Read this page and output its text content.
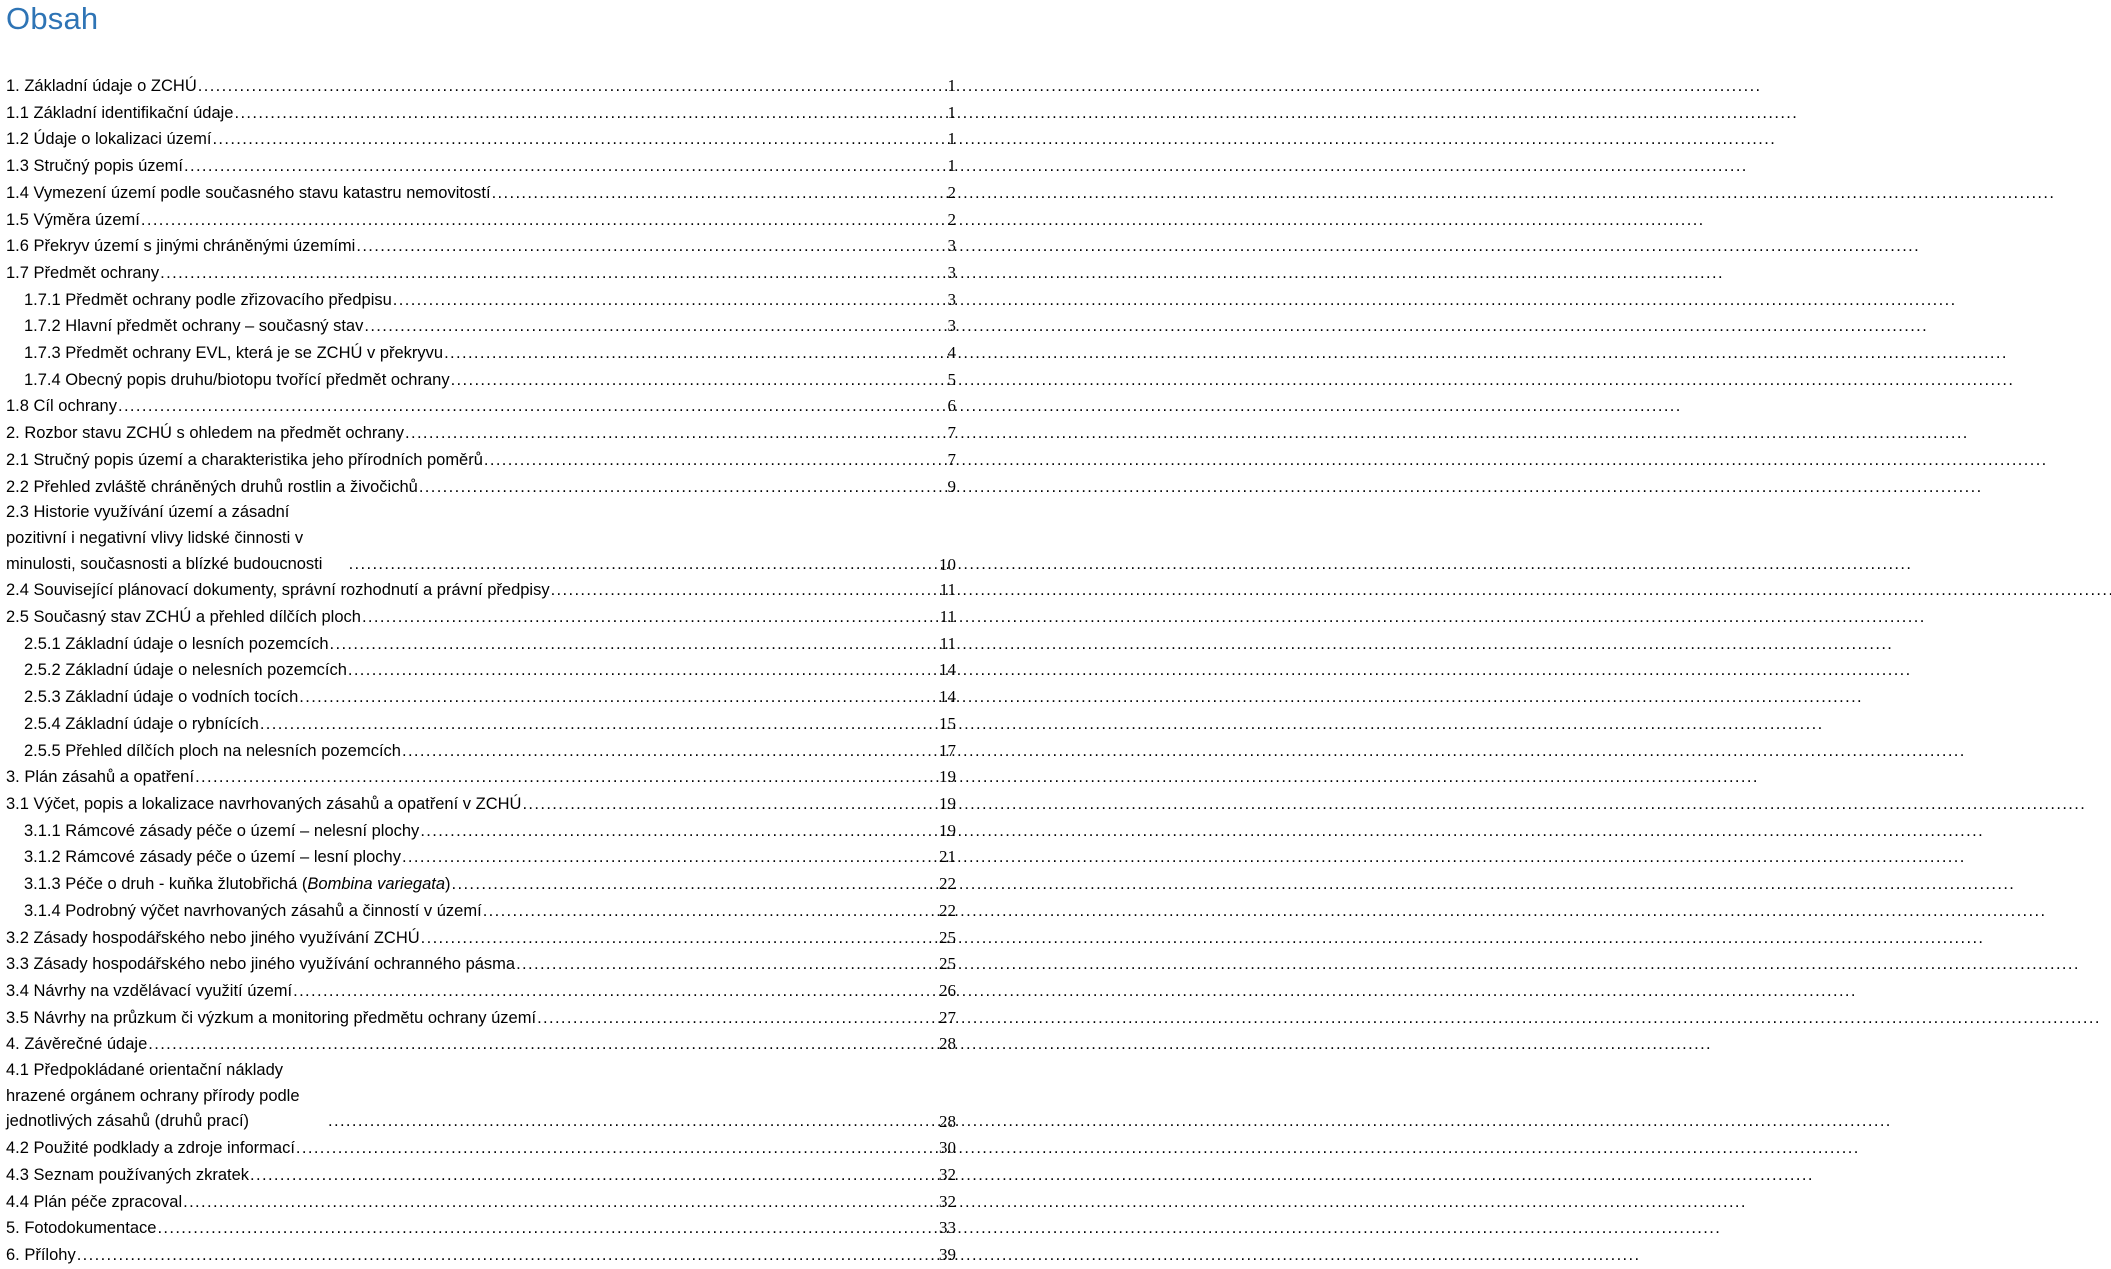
Obsah
1. Základní údaje o ZCHÚ . . .	1
1.1 Základní identifikační údaje . . .	1
1.2 Údaje o lokalizaci území . . .	1
1.3 Stručný popis území . . .	1
1.4 Vymezení území podle současného stavu katastru nemovitostí . . .	2
1.5 Výměra území . . .	2
1.6 Překryv území s jinými chráněnými územími . . .	3
1.7 Předmět ochrany . . .	3
1.7.1 Předmět ochrany podle zřizovacího předpisu . . .	3
1.7.2 Hlavní předmět ochrany – současný stav . . .	3
1.7.3 Předmět ochrany EVL, která je se ZCHÚ v překryvu . . .	4
1.7.4 Obecný popis druhu/biotopu tvořící předmět ochrany . . .	5
1.8 Cíl ochrany . . .	6
2. Rozbor stavu ZCHÚ s ohledem na předmět ochrany . . .	7
2.1 Stručný popis území a charakteristika jeho přírodních poměrů . . .	7
2.2 Přehled zvláště chráněných druhů rostlin a živočichů . . .	9
2.3 Historie využívání území a zásadní pozitivní i negativní vlivy lidské činnosti v minulosti, současnosti a blízké budoucnosti . . .	10
2.4 Související plánovací dokumenty, správní rozhodnutí a právní předpisy . . .	11
2.5 Současný stav ZCHÚ a přehled dílčích ploch . . .	11
2.5.1 Základní údaje o lesních pozemcích . . .	11
2.5.2 Základní údaje o nelesních pozemcích . . .	14
2.5.3 Základní údaje o vodních tocích . . .	14
2.5.4 Základní údaje o rybnících . . .	15
2.5.5 Přehled dílčích ploch na nelesních pozemcích . . .	17
3. Plán zásahů a opatření . . .	19
3.1 Výčet, popis a lokalizace navrhovaných zásahů a opatření v ZCHÚ . . .	19
3.1.1 Rámcové zásady péče o území – nelesní plochy . . .	19
3.1.2 Rámcové zásady péče o území – lesní plochy . . .	21
3.1.3 Péče o druh - kuňka žlutobřichá (Bombina variegata) . . .	22
3.1.4 Podrobný výčet navrhovaných zásahů a činností v území . . .	22
3.2 Zásady hospodářského nebo jiného využívání ZCHÚ . . .	25
3.3 Zásady hospodářského nebo jiného využívání ochranného pásma . . .	25
3.4 Návrhy na vzdělávací využití území . . .	26
3.5 Návrhy na průzkum či výzkum a monitoring předmětu ochrany území . . .	27
4. Závěrečné údaje . . .	28
4.1 Předpokládané orientační náklady hrazené orgánem ochrany přírody podle jednotlivých zásahů (druhů prací) . . .	28
4.2 Použité podklady a zdroje informací . . .	30
4.3 Seznam používaných zkratek . . .	32
4.4 Plán péče zpracoval . . .	32
5. Fotodokumentace . . .	33
6. Přílohy . . .	39
